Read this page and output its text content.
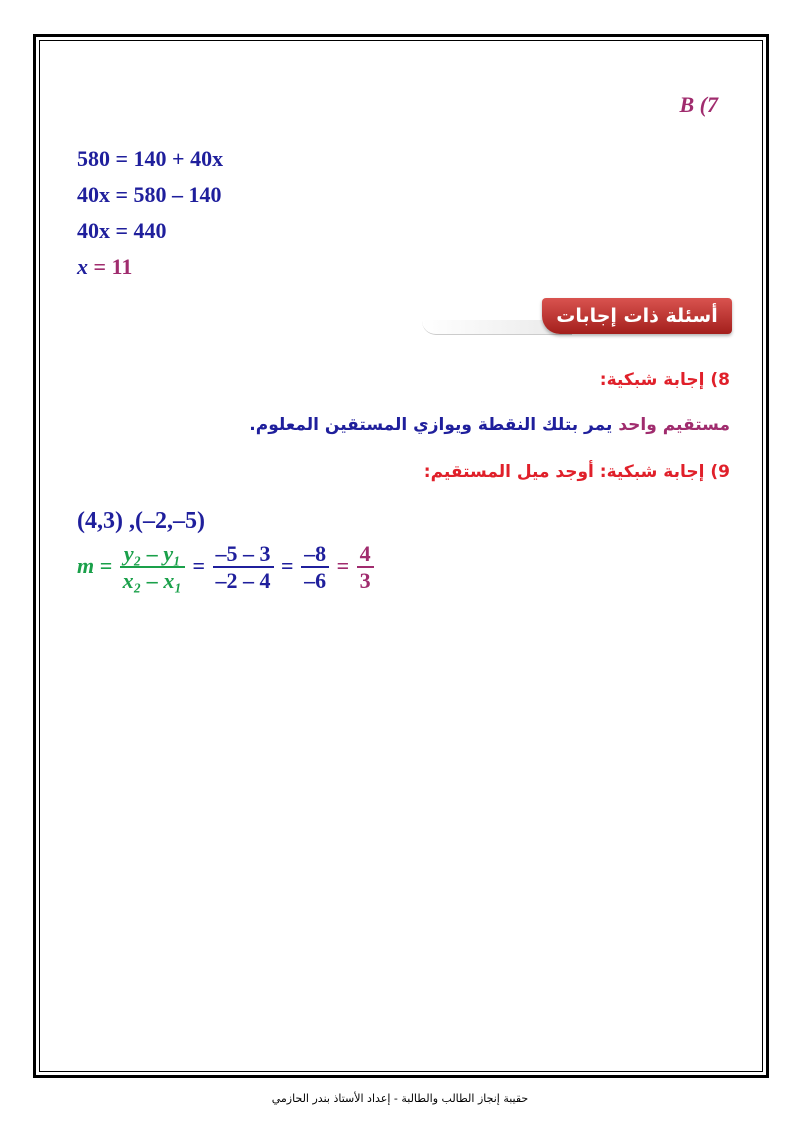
B (7
580 = 140 + 40x
40x = 580 – 140
40x = 440
x = 11
أسئلة ذات إجابات قصيرة
8) إجابة شبكية:
مستقيم واحد يمر بتلك النقطة ويوازي المستقين المعلوم.
9) إجابة شبكية: أوجد ميل المستقيم:
(4,3) ,(–2,–5)
$m = \frac{\text{y₂ – y₁}}{\text{x₂ – x₁}} = \frac{-5 - 3}{-2 - 4} = \frac{-8}{-6} = \frac{4}{3}$
حقيبة إنجاز الطالب والطالبة - إعداد الأستاذ بندر الحازمي
